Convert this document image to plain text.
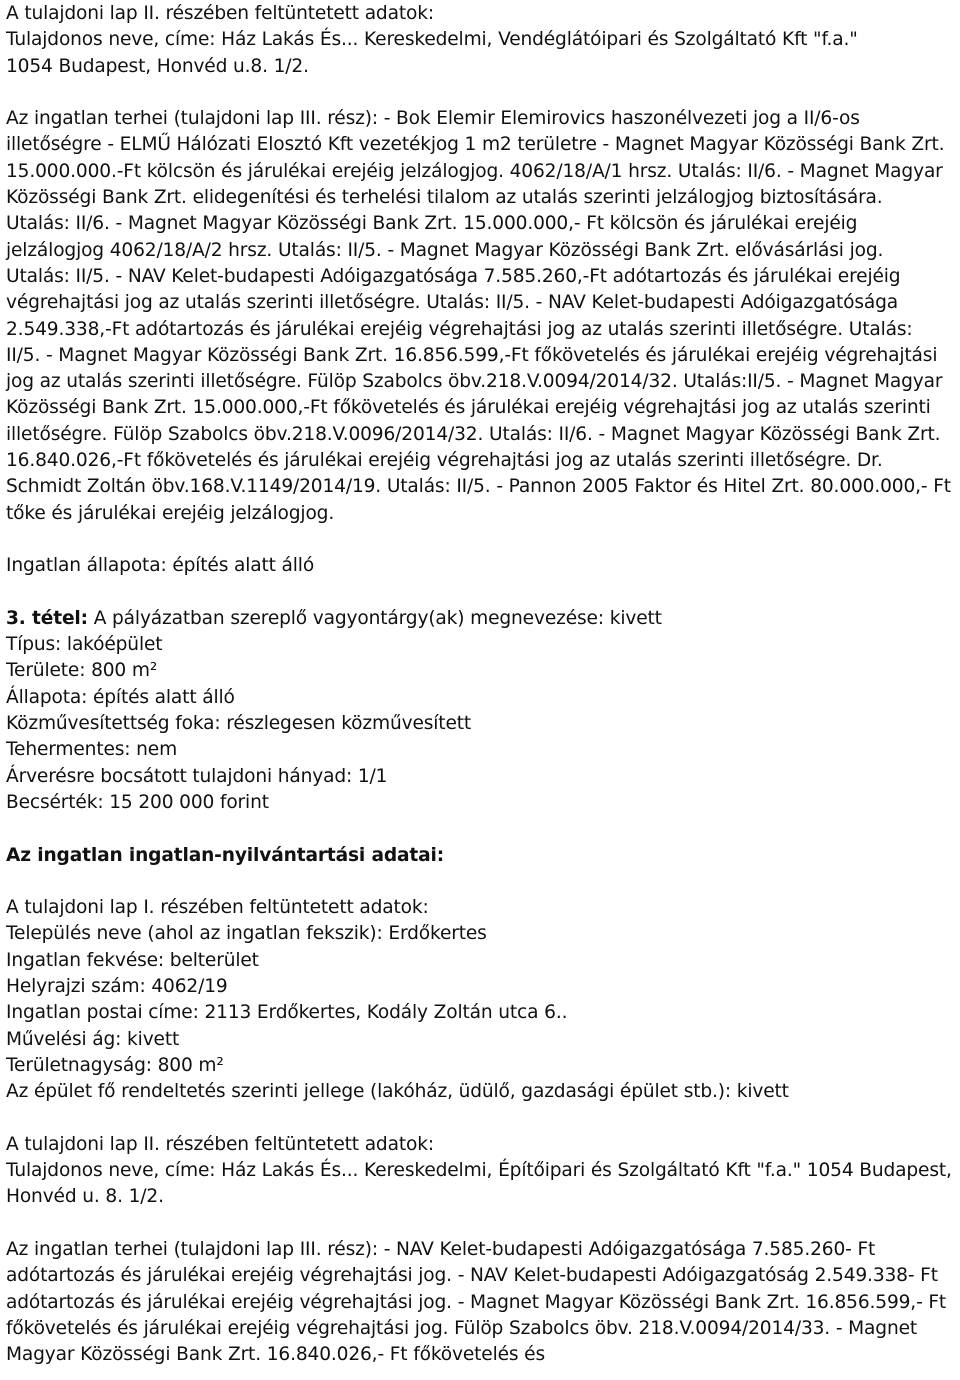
A tulajdoni lap II. részében feltüntetett adatok:

Tulajdonos neve, címe: Ház Lakás És... Kereskedelmi, Vendéglátóipari és Szolgáltató Kft "f.a."

1054 Budapest, Honvéd u.8. 1/2.

Az ingatlan terhei (tulajdoni lap III. rész): - Bok Elemir Elemirovics haszonélvezeti jog a II/6-os illetőségre - ELMŰ Hálózati Elosztó Kft vezetékjog 1 m2 területre - Magnet Magyar Közösségi Bank Zrt. 15.000.000.-Ft kölcsön és járulékai erejéig jelzálogjog. 4062/18/A/1 hrsz. Utalás: II/6. - Magnet Magyar Közösségi Bank Zrt. elidegenítési és terhelési tilalom az utalás szerinti jelzálogjog biztosítására. Utalás: II/6. - Magnet Magyar Közösségi Bank Zrt. 15.000.000,- Ft kölcsön és járulékai erejéig jelzálogjog 4062/18/A/2 hrsz. Utalás: II/5. - Magnet Magyar Közösségi Bank Zrt. elővásárlási jog. Utalás: II/5. - NAV Kelet-budapesti Adóigazgatósága 7.585.260,-Ft adótartozás és járulékai erejéig végrehajtási jog az utalás szerinti illetőségre. Utalás: II/5. - NAV Kelet-budapesti Adóigazgatósága 2.549.338,-Ft adótartozás és járulékai erejéig végrehajtási jog az utalás szerinti illetőségre. Utalás: II/5. - Magnet Magyar Közösségi Bank Zrt. 16.856.599,-Ft főkövetelés és járulékai erejéig végrehajtási jog az utalás szerinti illetőségre. Fülöp Szabolcs öbv.218.V.0094/2014/32. Utalás:II/5. - Magnet Magyar Közösségi Bank Zrt. 15.000.000,-Ft főkövetelés és járulékai erejéig végrehajtási jog az utalás szerinti illetőségre. Fülöp Szabolcs öbv.218.V.0096/2014/32. Utalás: II/6. - Magnet Magyar Közösségi Bank Zrt. 16.840.026,-Ft főkövetelés és járulékai erejéig végrehajtási jog az utalás szerinti illetőségre. Dr. Schmidt Zoltán öbv.168.V.1149/2014/19. Utalás: II/5. - Pannon 2005 Faktor és Hitel Zrt. 80.000.000,- Ft tőke és járulékai erejéig jelzálogjog.

Ingatlan állapota: építés alatt álló

3. tétel: A pályázatban szereplő vagyontárgy(ak) megnevezése: kivett

Típus: lakóépület

Területe: 800 m²

Állapota: építés alatt álló

Közművesítettség foka: részlegesen közművesített

Tehermentes: nem

Árverésre bocsátott tulajdoni hányad: 1/1

Becsérték: 15 200 000 forint

Az ingatlan ingatlan-nyilvántartási adatai:

A tulajdoni lap I. részében feltüntetett adatok:

Település neve (ahol az ingatlan fekszik): Erdőkertes

Ingatlan fekvése: belterület

Helyrajzi szám: 4062/19

Ingatlan postai címe: 2113 Erdőkertes, Kodály Zoltán utca 6..

Művelési ág: kivett

Területnagyság: 800 m²

Az épület fő rendeltetés szerinti jellege (lakóház, üdülő, gazdasági épület stb.): kivett

A tulajdoni lap II. részében feltüntetett adatok:

Tulajdonos neve, címe: Ház Lakás És... Kereskedelmi, Építőipari és Szolgáltató Kft "f.a." 1054 Budapest, Honvéd u. 8. 1/2.

Az ingatlan terhei (tulajdoni lap III. rész): - NAV Kelet-budapesti Adóigazgatósága 7.585.260- Ft adótartozás és járulékai erejéig végrehajtási jog. - NAV Kelet-budapesti Adóigazgatóság 2.549.338- Ft adótartozás és járulékai erejéig végrehajtási jog. - Magnet Magyar Közösségi Bank Zrt. 16.856.599,- Ft főkövetelés és járulékai erejéig végrehajtási jog. Fülöp Szabolcs öbv. 218.V.0094/2014/33. - Magnet Magyar Közösségi Bank Zrt. 16.840.026,- Ft főkövetelés és
